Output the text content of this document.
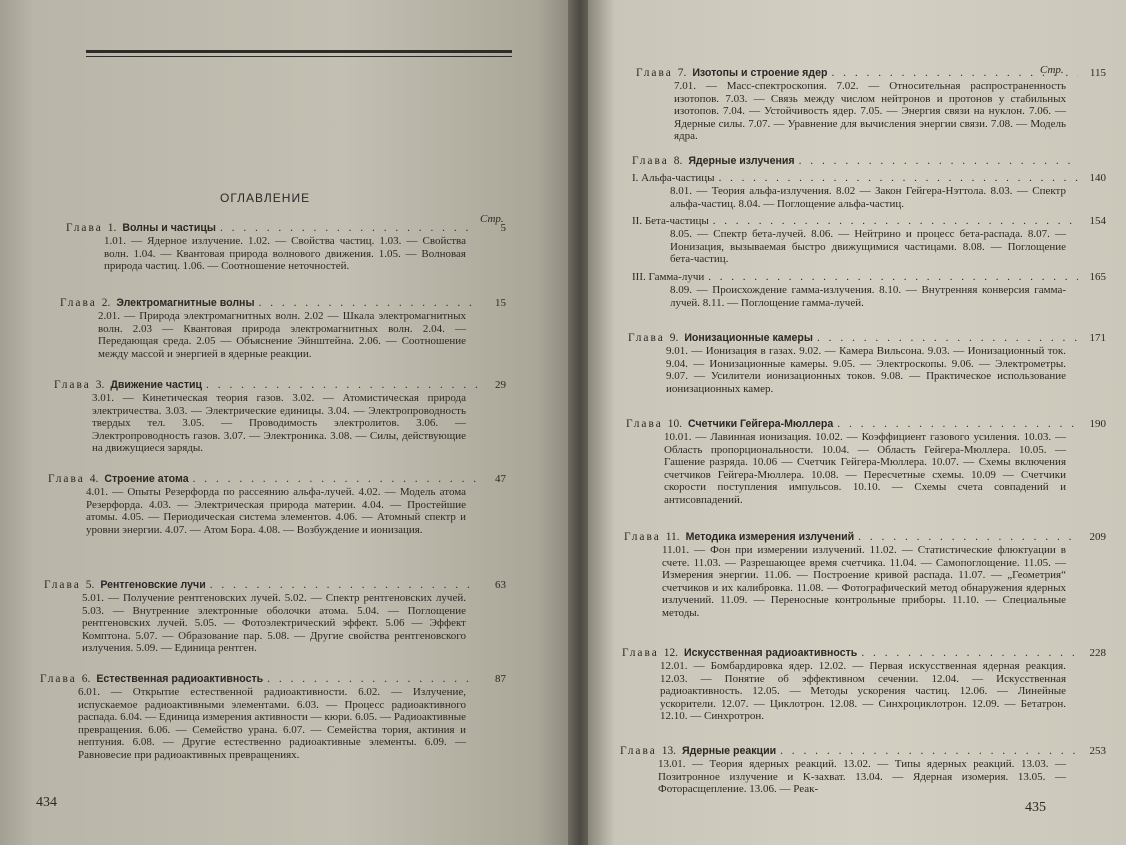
ОГЛАВЛЕНИЕ
Стр.
Глава 1. Волны и частицы . . .	5
1.01. — Ядерное излучение. 1.02. — Свойства частиц. 1.03. — Свойства волн. 1.04. — Квантовая природа волнового движения. 1.05. — Волновая природа частиц. 1.06. — Соотношение неточностей.
Глава 2. Электромагнитные волны . . .	15
2.01. — Природа электромагнитных волн. 2.02 — Шкала электромагнитных волн. 2.03 — Квантовая природа электромагнитных волн. 2.04. — Передающая среда. 2.05 — Объяснение Эйнштейна. 2.06. — Соотношение между массой и энергией в ядерные реакции.
Глава 3. Движение частиц . . .	29
3.01. — Кинетическая теория газов. 3.02. — Атомистическая природа электричества. 3.03. — Электрические единицы. 3.04. — Электропроводность твердых тел. 3.05. — Проводимость электролитов. 3.06. — Электропроводность газов. 3.07. — Электроника. 3.08. — Силы, действующие на движущиеся заряды.
Глава 4. Строение атома . . .	47
4.01. — Опыты Резерфорда по рассеянию альфа-лучей. 4.02. — Модель атома Резерфорда. 4.03. — Электрическая природа материи. 4.04. — Простейшие атомы. 4.05. — Периодическая система элементов. 4.06. — Атомный спектр и уровни энергии. 4.07. — Атом Бора. 4.08. — Возбуждение и ионизация.
Глава 5. Рентгеновские лучи . . .	63
5.01. — Получение рентгеновских лучей. 5.02. — Спектр рентгеновских лучей. 5.03. — Внутренние электронные оболочки атома. 5.04. — Поглощение рентгеновских лучей. 5.05. — Фотоэлектрический эффект. 5.06 — Эффект Комптона. 5.07. — Образование пар. 5.08. — Другие свойства рентгеновского излучения. 5.09. — Единица рентген.
Глава 6. Естественная радиоактивность . . .	87
6.01. — Открытие естественной радиоактивности. 6.02. — Излучение, испускаемое радиоактивными элементами. 6.03. — Процесс радиоактивного распада. 6.04. — Единица измерения активности — кюри. 6.05. — Радиоактивные превращения. 6.06. — Семейство урана. 6.07. — Семейства тория, актиния и нептуния. 6.08. — Другие естественно радиоактивные элементы. 6.09. — Равновесие при радиоактивных превращениях.
434
Стр.
Глава 7. Изотопы и строение ядер . . .	115
7.01. — Масс-спектроскопия. 7.02. — Относительная распространенность изотопов. 7.03. — Связь между числом нейтронов и протонов у стабильных изотопов. 7.04. — Устойчивость ядер. 7.05. — Энергия связи на нуклон. 7.06. — Ядерные силы. 7.07. — Уравнение для вычисления энергии связи. 7.08. — Модель ядра.
Глава 8. Ядерные излучения
. . .
I. Альфа-частицы . . .	140
8.01. — Теория альфа-излучения. 8.02 — Закон Гейгера-Нэттола. 8.03. — Спектр альфа-частиц. 8.04. — Поглощение альфа-частиц.
II. Бета-частицы . . .	154
8.05. — Спектр бета-лучей. 8.06. — Нейтрино и процесс бета-распада. 8.07. — Ионизация, вызываемая быстро движущимися частицами. 8.08. — Поглощение бета-частиц.
III. Гамма-лучи . . .	165
8.09. — Происхождение гамма-излучения. 8.10. — Внутренняя конверсия гамма-лучей. 8.11. — Поглощение гамма-лучей.
Глава 9. Ионизационные камеры . . .	171
9.01. — Ионизация в газах. 9.02. — Камера Вильсона. 9.03. — Ионизационный ток. 9.04. — Ионизационные камеры. 9.05. — Электроскопы. 9.06. — Электрометры. 9.07. — Усилители ионизационных токов. 9.08. — Практическое использование ионизационных камер.
Глава 10. Счетчики Гейгера-Мюллера . . .	190
10.01. — Лавинная ионизация. 10.02. — Коэффициент газового усиления. 10.03. — Область пропорциональности. 10.04. — Область Гейгера-Мюллера. 10.05. — Гашение разряда. 10.06 — Счетчик Гейгера-Мюллера. 10.07. — Схемы включения счетчиков Гейгера-Мюллера. 10.08. — Пересчетные схемы. 10.09 — Счетчики скорости поступления импульсов. 10.10. — Схемы счета совпадений и антисовпадений.
Глава 11. Методика измерения излучений . . .	209
11.01. — Фон при измерении излучений. 11.02. — Статистические флюктуации в счете. 11.03. — Разрешающее время счетчика. 11.04. — Самопоглощение. 11.05. — Измерения энергии. 11.06. — Построение кривой распада. 11.07. — „Геометрия“ счетчиков и их калибровка. 11.08. — Фотографический метод обнаружения ядерных излучений. 11.09. — Переносные контрольные приборы. 11.10. — Специальные методы.
Глава 12. Искусственная радиоактивность . . .	228
12.01. — Бомбардировка ядер. 12.02. — Первая искусственная ядерная реакция. 12.03. — Понятие об эффективном сечении. 12.04. — Искусственная радиоактивность. 12.05. — Методы ускорения частиц. 12.06. — Линейные ускорители. 12.07. — Циклотрон. 12.08. — Синхроциклотрон. 12.09. — Бетатрон. 12.10. — Синхротрон.
Глава 13. Ядерные реакции . . .	253
13.01. — Теория ядерных реакций. 13.02. — Типы ядерных реакций. 13.03. — Позитронное излучение и K-захват. 13.04. — Ядерная изомерия. 13.05. — Фоторасщепление. 13.06. — Реак-
435
